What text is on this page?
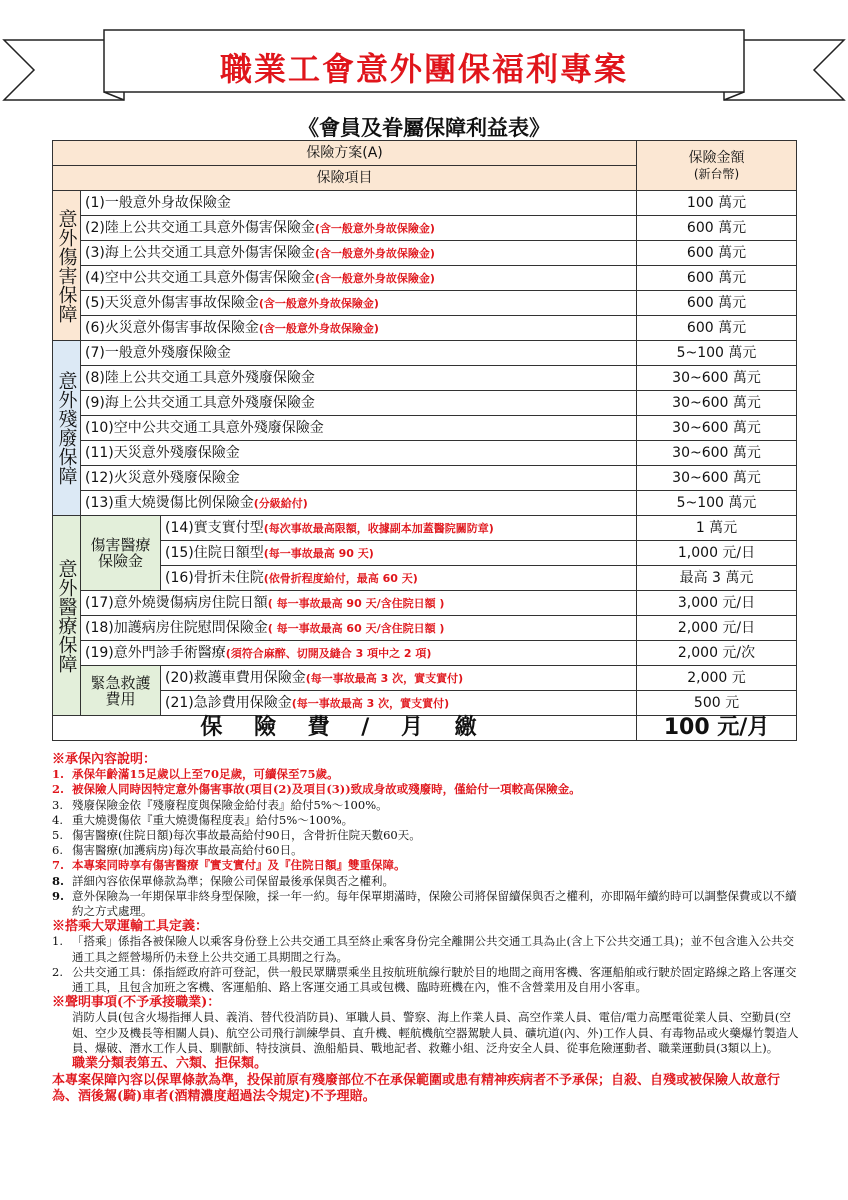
職業工會意外團保福利專案
《會員及眷屬保障利益表》
保險方案(A)			保險金額
(新台幣)

保險項目			

意外傷害保障	(1)一般意外身故保險金		100 萬元
	(2)陸上公共交通工具意外傷害保險金(含一般意外身故保險金)		600 萬元
	(3)海上公共交通工具意外傷害保險金(含一般意外身故保險金)		600 萬元
	(4)空中公共交通工具意外傷害保險金(含一般意外身故保險金)		600 萬元
	(5)天災意外傷害事故保險金(含一般意外身故保險金)		600 萬元
	(6)火災意外傷害事故保險金(含一般意外身故保險金)		600 萬元

意外殘廢保障	(7)一般意外殘廢保險金		5~100 萬元
	(8)陸上公共交通工具意外殘廢保險金		30~600 萬元
	(9)海上公共交通工具意外殘廢保險金		30~600 萬元
	(10)空中公共交通工具意外殘廢保險金		30~600 萬元
	(11)天災意外殘廢保險金		30~600 萬元
	(12)火災意外殘廢保險金		30~600 萬元
	(13)重大燒燙傷比例保險金(分級給付)		5~100 萬元

意外醫療保障	傷害醫療保險金	(14)實支實付型(每次事故最高限額，收據副本加蓋醫院關防章)	1 萬元
		(15)住院日額型(每一事故最高 90 天)	1,000 元/日
		(16)骨折未住院(依骨折程度給付，最高 60 天)	最高 3 萬元
	(17)意外燒燙傷病房住院日額( 每一事故最高 90 天/含住院日額 )		3,000 元/日
	(18)加護病房住院慰問保險金( 每一事故最高 60 天/含住院日額 )		2,000 元/日
	(19)意外門診手術醫療(須符合麻醉、切開及縫合 3 項中之 2 項)		2,000 元/次

	緊急救護費用	(20)救護車費用保險金(每一事故最高 3 次，實支實付)	2,000 元
		(21)急診費用保險金(每一事故最高 3 次，實支實付)	500 元
保 險 費 / 月 繳			100 元/月
※承保內容說明：
1. 承保年齡滿15足歲以上至70足歲，可續保至75歲。
2. 被保險人同時因特定意外傷害事故(項目(2)及項目(3))致成身故或殘廢時，僅給付一項較高保險金。
3. 殘廢保險金依『殘廢程度與保險金給付表』給付5%～100%。
4. 重大燒燙傷依『重大燒燙傷程度表』給付5%～100%。
5. 傷害醫療(住院日額)每次事故最高給付90日，含骨折住院天數60天。
6. 傷害醫療(加護病房)每次事故最高給付60日。
7. 本專案同時享有傷害醫療『實支實付』及『住院日額』雙重保障。
8. 詳細內容依保單條款為準；保險公司保留最後承保與否之權利。
9. 意外保險為一年期保單非終身型保險，採一年一約。每年保單期滿時，保險公司將保留續保與否之權利，亦即隔年續約時可以調整保費或以不續約之方式處理。
※搭乘大眾運輸工具定義：
1. 「搭乘」係指各被保險人以乘客身份登上公共交通工具至終止乘客身份完全離開公共交通工具為止(含上下公共交通工具)；並不包含進入公共交通工具之經營場所仍未登上公共交通工具期間之行為。
2. 公共交通工具：係指經政府許可登記，供一般民眾購票乘坐且按航班航線行駛於目的地間之商用客機、客運船舶或行駛於固定路線之路上客運交通工具，且包含加班之客機、客運船舶、路上客運交通工具或包機、臨時班機在內，惟不含營業用及自用小客車。
※聲明事項(不予承接職業)：
消防人員(包含火場指揮人員、義消、替代役消防員)、軍職人員、警察、海上作業人員、高空作業人員、電信/電力高壓電從業人員、空勤員(空姐、空少及機長等相關人員)、航空公司飛行訓練學員、直升機、輕航機航空器駕駛人員、礦坑道(內、外)工作人員、有毒物品或火藥爆竹製造人員、爆破、潛水工作人員、馴獸師、特技演員、漁船船員、戰地記者、救難小組、泛舟安全人員、從事危險運動者、職業運動員(3類以上)。
職業分類表第五、六類、拒保類。
本專案保障內容以保單條款為準，投保前原有殘廢部位不在承保範圍或患有精神疾病者不予承保；自殺、自殘或被保險人故意行為、酒後駕(騎)車者(酒精濃度超過法令規定)不予理賠。
